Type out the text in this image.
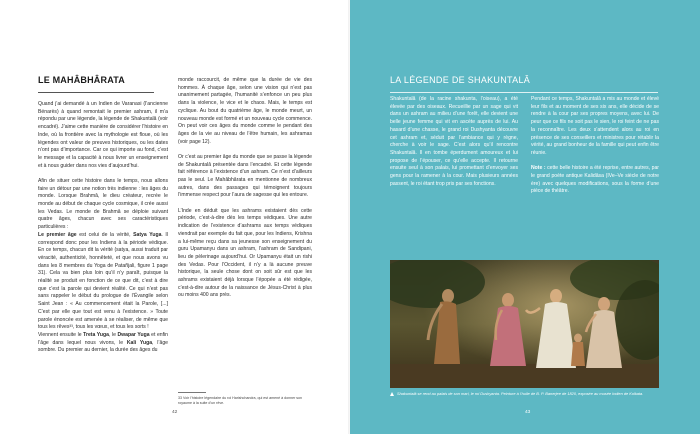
LE MAHÂBHÂRATA

Quand j’ai demandé à un Indien de Varanasi (l’ancienne Bénarès) à quand remontait le premier ashram, il m’a répondu par une légende, la légende de Shakuntalâ (voir encadré). J’aime cette manière de considérer l’histoire en Inde, où la frontière avec la mythologie est floue, où les légendes ont valeur de preuves historiques, ou les dates n’ont pas d’importance. Car ce qui importe au fond, c’est le message et la capacité à nous livrer un enseignement et à nous guider dans nos vies d’aujourd’hui.

Afin de situer cette histoire dans le temps, nous allons faire un détour par une notion très indienne : les âges du monde. Lorsque Brahmâ, le dieu créateur, recrée le monde au début de chaque cycle cosmique, il crée aussi les Vedas. Le monde de Brahmâ se déploie suivant quatre âges, chacun avec ses caractéristiques particulières :

Le premier âge est celui de la vérité, Satya Yuga. Il correspond donc pour les Indiens à la période védique. En ce temps, chacun dit la vérité (satya, aussi traduit par véracité, authenticité, honnêteté, et que nous avons vu dans les 8 membres du Yoga de Patañjali, figure 1 page 31). Cela va bien plus loin qu’il n’y paraît, puisque la réalité se produit en fonction de ce que dit, c’est à dire que c’est la parole qui devient réalité. Ce qui n’est pas sans rappeler le début du prologue de l’Évangile selon Saint Jean : « Au commencement était la Parole, [...] C’est par elle que tout est venu à l’existence. » Toute parole énoncée est amenée à se réaliser, de même que tous les rêves³³, tous les vœux, et tous les sorts !

Viennent ensuite le Treta Yuga, le Dwapar Yuga et enfin l’âge dans lequel nous vivons, le Kali Yuga, l’âge sombre. Du premier au dernier, la durée des âges du

monde raccourcit, de même que la durée de vie des hommes. À chaque âge, selon une vision qui n’est pas unanimement partagée, l’humanité s’enfonce un peu plus dans la violence, le vice et le chaos. Mais, le temps est cyclique. Au bout du quatrième âge, le monde meurt, un nouveau monde est formé et un nouveau cycle commence. On peut voir ces âges du monde comme le pendant des âges de la vie au niveau de l’être humain, les ashramas (voir page 12).

Or c’est au premier âge du monde que se passe la légende de Shakuntalâ présentée dans l’encadré. Et cette légende fait référence à l’existence d’un ashram. Ce n’est d’ailleurs pas le seul. Le Mahâbhârata en mentionne de nombreux autres, dans des passages qui témoignent toujours l’immense respect pour l’aura de sagesse qui les entoure.

L’Inde en déduit que les ashrams existaient dès cette période, c’est-à-dire dès les temps védiques. Une autre indication de l’existence d’ashrams aux temps védiques viendrait par exemple du fait que, pour les Indiens, Krishna a lui-même reçu dans sa jeunesse son enseignement du guru Upamanyu dans un ashram, l’ashram de Sandipani, lieu de pèlerinage aujourd’hui. Or Upamanyu était un rishi des Vedas. Pour l’Occident, il n’y a là aucune preuve historique, la seule chose dont on soit sûr est que les ashrams existaient déjà lorsque l’épopée a été rédigée, c’est-à-dire autour de la naissance de Jésus-Christ à plus ou moins 400 ans près.

33 Voir l’histoire légendaire du roi Harishchandra, qui est amené à donner son royaume à la suite d’un rêve.
42
LA LÉGENDE DE SHAKUNTALÂ

Shakuntalâ (de la racine shakunta, l’oiseau), a été élevée par des oiseaux. Recueillie par un sage qui vit dans un ashram au milieu d’une forêt, elle devient une belle jeune femme qui vit en ascète auprès de lui. Au hasard d’une chasse, le grand roi Dushyanta découvre cet ashram et, séduit par l’ambiance qui y règne, cherche à voir le sage. C’est alors qu’il rencontre Shakuntalâ. Il en tombe éperdument amoureux et lui propose de l’épouser, ce qu’elle accepte. Il retourne ensuite seul à son palais, lui promettant d’envoyer ses gens pour la ramener à la cour. Mais plusieurs années passent, le roi étant trop pris par ses fonctions.

Pendant ce temps, Shakuntalâ a mis au monde et élevé leur fils et au moment de ses six ans, elle décide de se rendre à la cour par ses propres moyens, avec lui. De peur que ce fils ne soit pas le sien, le roi feint de ne pas la reconnaître. Les deux s’attendent alors au roi en présence de ses conseillers et ministres pour rétablir la vérité, au grand bonheur de la famille qui peut enfin être réunie.

Note : cette belle histoire a été reprise, entre autres, par le grand poète antique Kalidâsa (IVe–Ve siècle de notre ère) avec quelques modifications, sous la forme d’une pièce de théâtre.

Shakuntalâ se rend au palais de son mari, le roi Dushyanta. Peinture à l’huile de B. P. Banerjee de 1820, exposée au musée Indien de Kolkata.
43
